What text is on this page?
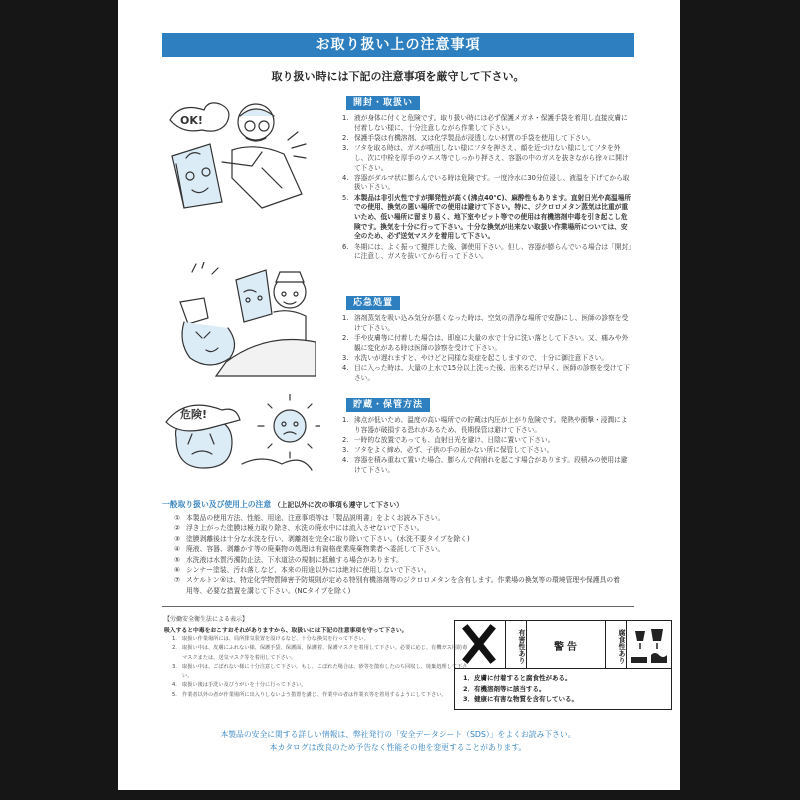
お取り扱い上の注意事項
取り扱い時には下記の注意事項を厳守して下さい。
OK!
危険!
開封・取扱い
1. 液が身体に付くと危険です。取り扱い時には必ず保護メガネ・保護手袋を着用し直接皮膚に付着しない様に、十分注意しながら作業して下さい。
2. 保護手袋は有機溶剤、又は化学製品が浸透しない材質の手袋を使用して下さい。
3. フタを取る時は、ガスが噴出しない様にフタを押さえ、顔を近づけない様にしてフタを外し、次に中栓を厚手のウエス等でしっかり押さえ、容器の中のガスを抜きながら徐々に開けて下さい。
4. 容器がダルマ状に膨らんでいる時は危険です。一度冷水に30分位浸し、液温を下げてから取扱い下さい。
5. 本製品は非引火性ですが揮発性が高く(沸点40℃)、麻酔性もあります。直射日光や高温場所での使用、換気の悪い場所での使用は避けて下さい。特に、ジクロロメタン蒸気は比重が重いため、低い場所に留まり易く、地下室やピット等での使用は有機溶剤中毒を引き起こし危険です。換気を十分に行って下さい。十分な換気が出来ない取扱い作業場所については、安全のため、必ず送気マスクを着用して下さい。
6. 冬期には、よく振って攪拌した後、御使用下さい。但し、容器が膨らんでいる場合は「開封」に注意し、ガスを抜いてから行って下さい。
応急処置
1. 溶剤蒸気を吸い込み気分が悪くなった時は、空気の清浄な場所で安静にし、医師の診察を受けて下さい。
2. 手や皮膚等に付着した場合は、即座に大量の水で十分に洗い落として下さい。又、痛みや外観に変化がある時は医師の診察を受けて下さい。
3. 水洗いが遅れますと、やけどと同様な炎症を起こしますので、十分に御注意下さい。
4. 目に入った時は、大量の上水で15分以上洗った後、出来るだけ早く、医師の診察を受けて下さい。
貯蔵・保管方法
1. 沸点が低いため、温度の高い場所での貯蔵は内圧が上がり危険です。発熱や衝撃・浸潤により容器が破損する恐れがあるため、長期保管は避けて下さい。
2. 一時的な放置であっても、直射日光を避け、日陰に置いて下さい。
3. フタをよく締め、必ず、子供の手の届かない所に保管して下さい。
4. 容器を積み重ねて置いた場合、膨らんで荷崩れを起こす場合があります。段積みの使用は避けて下さい。
一般取り扱い及び使用上の注意 （上記以外に次の事項も遵守して下さい）
① 本製品の使用方法、性能、用途、注意事項等は「製品説明書」をよくお読み下さい。
② 浮き上がった塗膜は極力取り除き、水洗の廃水中には流入させないで下さい。
③ 塗膜剥離後は十分な水洗を行い、剥離剤を完全に取り除いて下さい。(水洗不要タイプを除く)
④ 廃液、容器、剥離かす等の廃棄物の処理は有資格産業廃棄物業者へ委託して下さい。
⑤ 水洗液は水質汚濁防止法、下水道法の規制に抵触する場合があります。
⑥ シンナー塗装、汚れ落しなど、本来の用途以外には絶対に使用しないで下さい。
⑦ スケルトン®は、特定化学物質障害予防規則が定める特別有機溶剤等のジクロロメタンを含有します。作業場の換気等の環境管理や保護具の着用等、必要な措置を講じて下さい。(NCタイプを除く)
【労働安全衛生法による表示】
吸入すると中毒をおこすおそれがありますから、取扱いには下記の注意事項を守って下さい。
1. 取扱い作業場所には、局所排気装置を設けるなど、十分な換気を行って下さい。
2. 取扱い中は、皮膚にふれない様、保護手袋、保護面、保護着、保護マスクを着用して下さい。必要に応じ、有機ガス用防毒マスクまたは、送気マスク等を着用して下さい。
3. 取扱い中は、ごぼれない様に十分注意して下さい。もし、こぼれた場合は、砂等を散布したのち回収し、廃棄処理して下さい。
4. 取扱い後は手洗い及びうがいを十分に行って下さい。
5. 作業者以外の者が作業場所に出入りしないよう措置を講じ、作業中の者は作業衣等を着用するようにして下さい。
有害性あり	警告	腐食性あり
1．皮膚に付着すると腐食性がある。
2．有機溶剤等に該当する。
3．健康に有害な物質を含有している。
本製品の安全に関する詳しい情報は、弊社発行の「安全データシート（SDS）」をよくお読み下さい。
本カタログは改良のため予告なく性能その他を変更することがあります。
